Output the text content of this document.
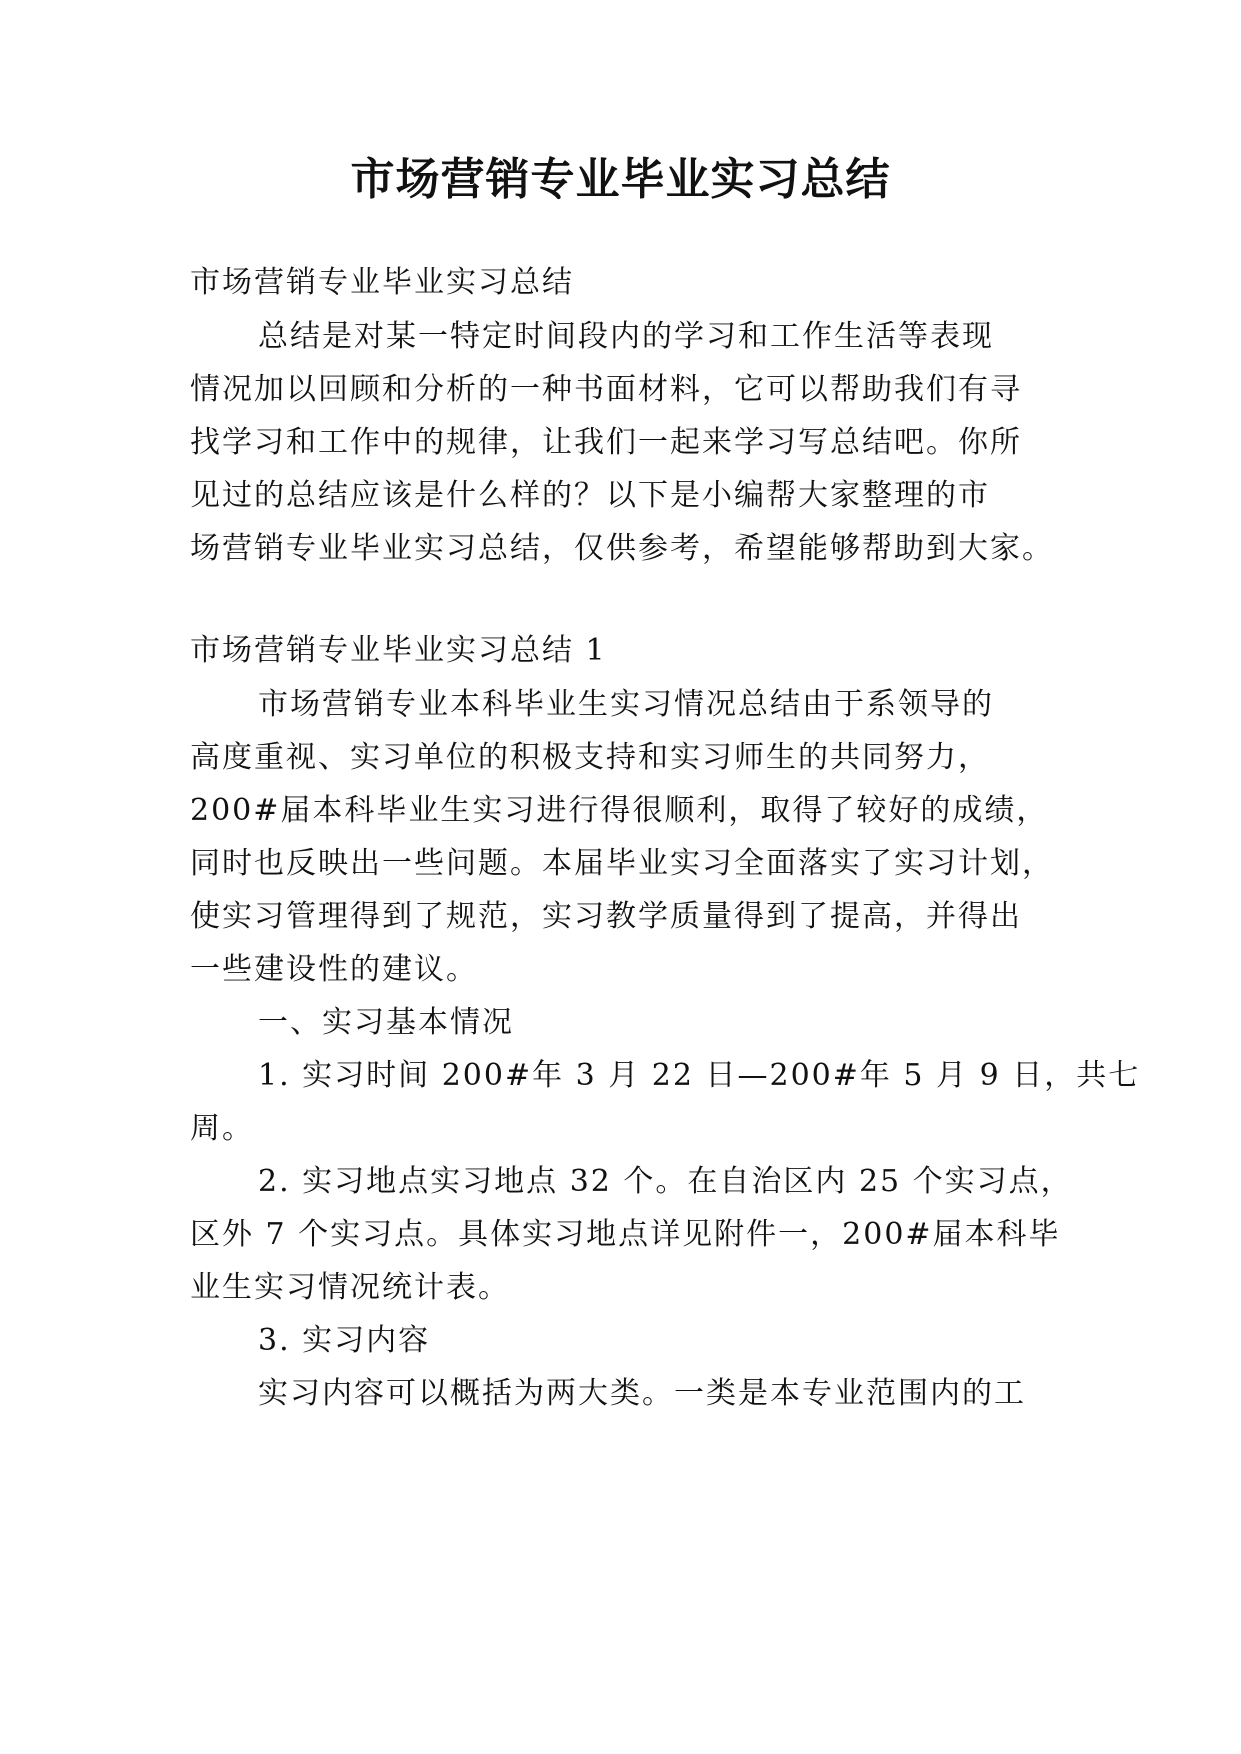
市场营销专业毕业实习总结
市场营销专业毕业实习总结
总结是对某一特定时间段内的学习和工作生活等表现
情况加以回顾和分析的一种书面材料，它可以帮助我们有寻
找学习和工作中的规律，让我们一起来学习写总结吧。你所
见过的总结应该是什么样的？以下是小编帮大家整理的市
场营销专业毕业实习总结，仅供参考，希望能够帮助到大家。
市场营销专业毕业实习总结 1
市场营销专业本科毕业生实习情况总结由于系领导的
高度重视、实习单位的积极支持和实习师生的共同努力，
200#届本科毕业生实习进行得很顺利，取得了较好的成绩，
同时也反映出一些问题。本届毕业实习全面落实了实习计划，
使实习管理得到了规范，实习教学质量得到了提高，并得出
一些建设性的建议。
一、实习基本情况
1. 实习时间 200#年 3 月 22 日—200#年 5 月 9 日，共七
周。
2. 实习地点实习地点 32 个。在自治区内 25 个实习点，
区外 7 个实习点。具体实习地点详见附件一，200#届本科毕
业生实习情况统计表。
3. 实习内容
实习内容可以概括为两大类。一类是本专业范围内的工
